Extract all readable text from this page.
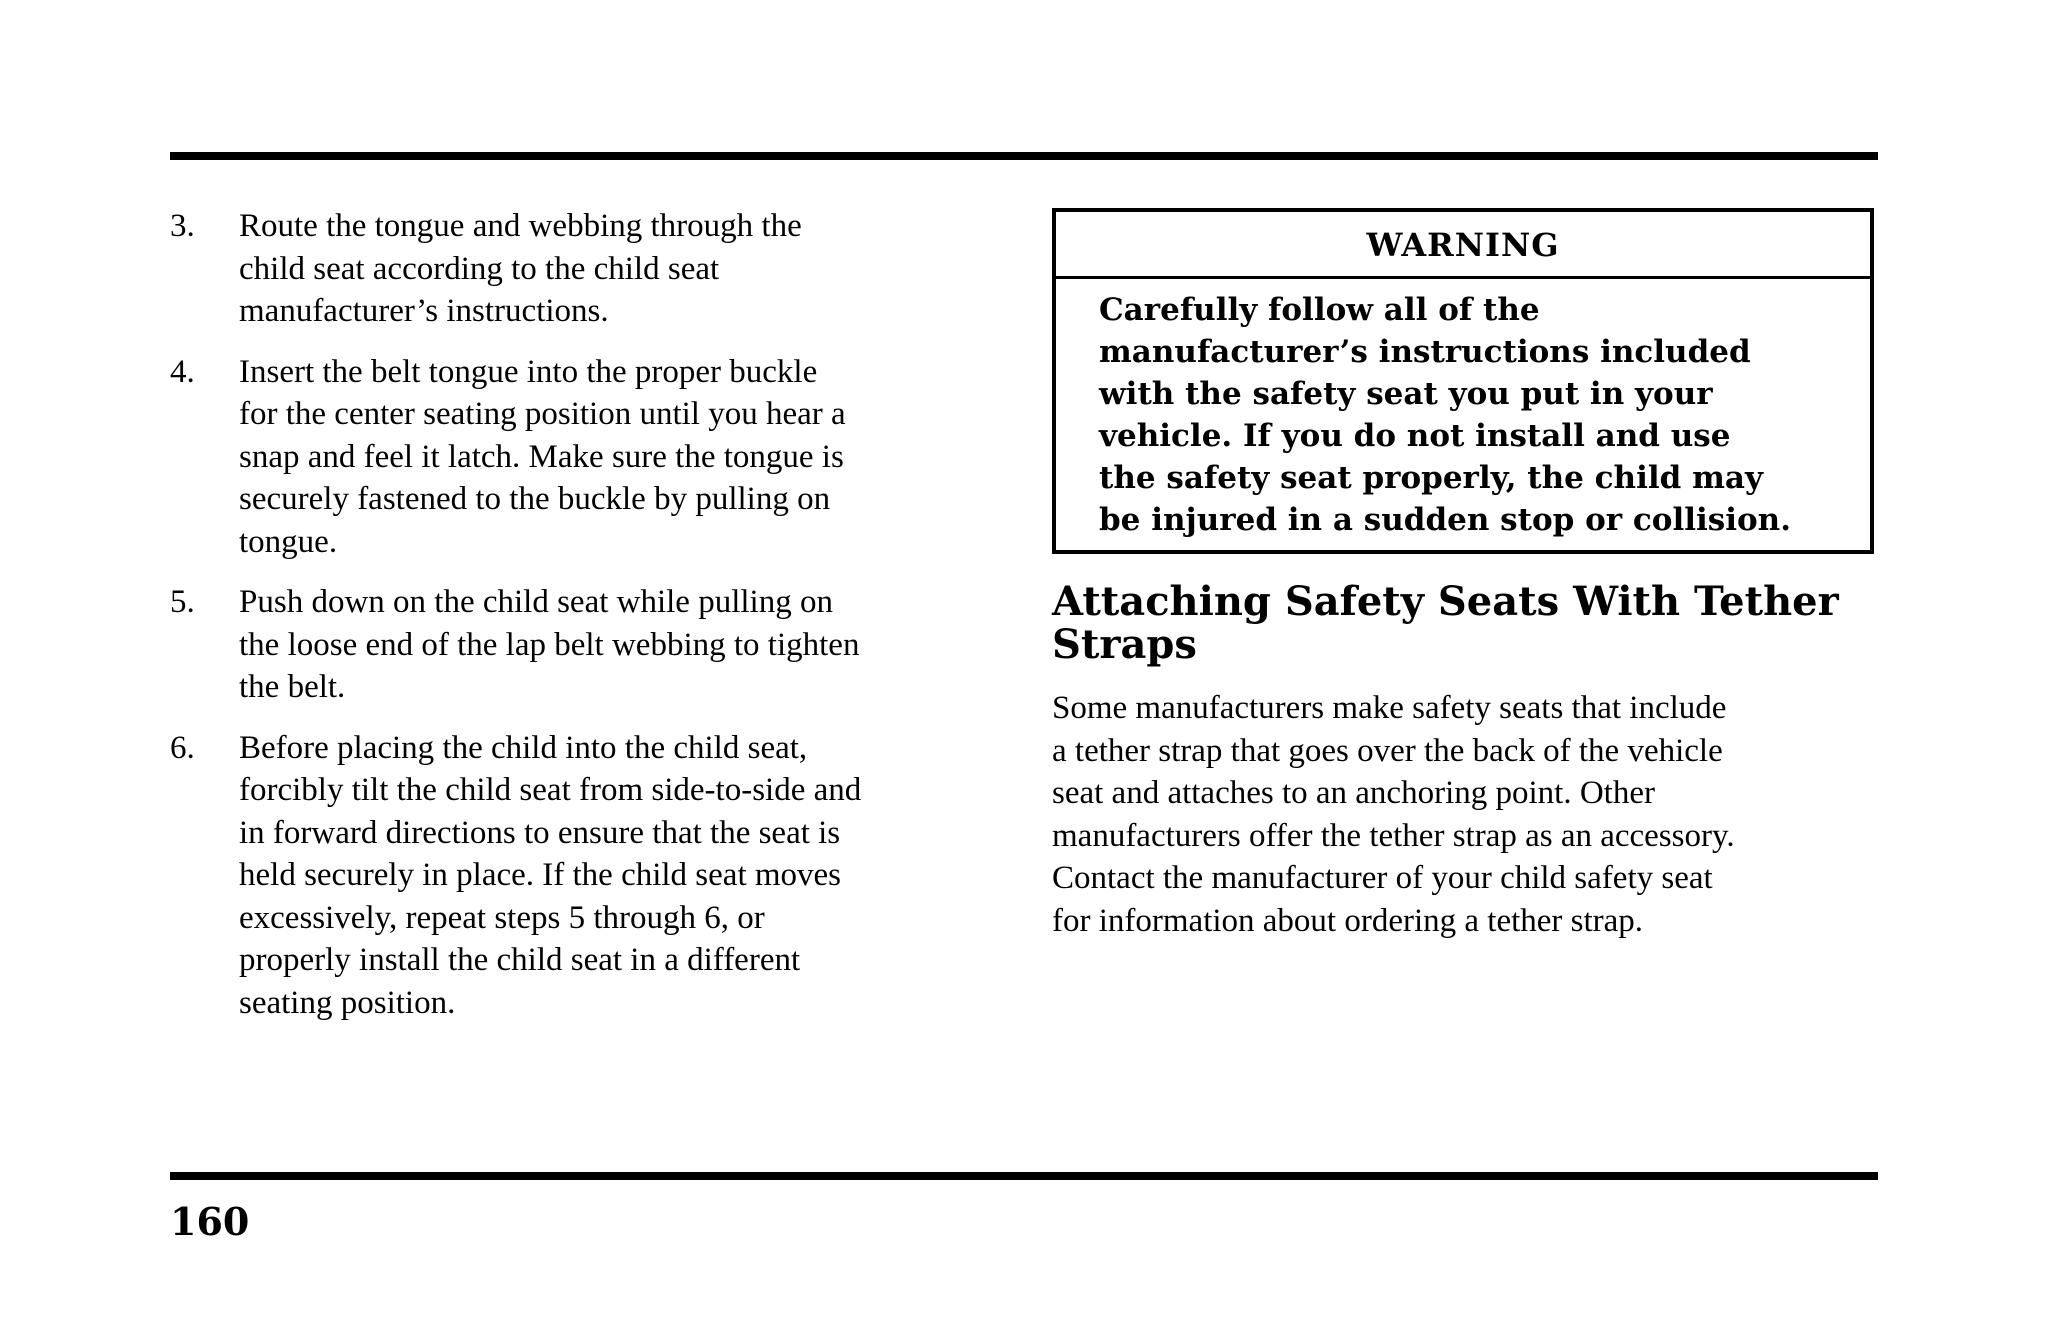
3. Route the tongue and webbing through the
child seat according to the child seat
manufacturer’s instructions.
4. Insert the belt tongue into the proper buckle
for the center seating position until you hear a
snap and feel it latch. Make sure the tongue is
securely fastened to the buckle by pulling on
tongue.
5. Push down on the child seat while pulling on
the loose end of the lap belt webbing to tighten
the belt.
6. Before placing the child into the child seat,
forcibly tilt the child seat from side-to-side and
in forward directions to ensure that the seat is
held securely in place. If the child seat moves
excessively, repeat steps 5 through 6, or
properly install the child seat in a different
seating position.
WARNING
Carefully follow all of the
manufacturer’s instructions included
with the safety seat you put in your
vehicle. If you do not install and use
the safety seat properly, the child may
be injured in a sudden stop or collision.
Attaching Safety Seats With Tether
Straps
Some manufacturers make safety seats that include
a tether strap that goes over the back of the vehicle
seat and attaches to an anchoring point. Other
manufacturers offer the tether strap as an accessory.
Contact the manufacturer of your child safety seat
for information about ordering a tether strap.
160
